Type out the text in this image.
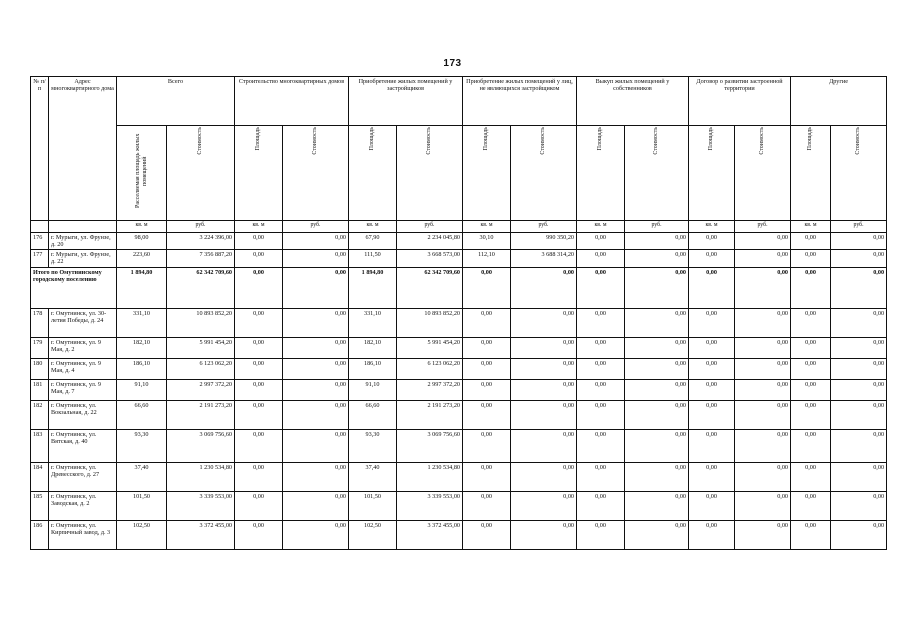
173
№ п/п	Адрес многоквартирного дома	Всего		Строительство многоквартирных домов		Приобретение жилых помещений у застройщиков		Приобретение жилых помещений у лиц, не являющихся застройщиком		Выкуп жилых помещений у собственников		Договор о развитии застроенной территории		Другие	
		Расселяемая площадь жилых помещений	Стоимость	Площадь	Стоимость	Площадь	Стоимость	Площадь	Стоимость	Площадь	Стоимость	Площадь	Стоимость	Площадь	Стоимость
		кв. м	руб.	кв. м	руб.	кв. м	руб.	кв. м	руб.	кв. м	руб.	кв. м	руб.	кв. м	руб.
176	г. Мурыги, ул. Фрунзе, д. 20	98,00	3 224 396,00	0,00	0,00	67,90	2 234 045,80	30,10	990 350,20	0,00	0,00	0,00	0,00	0,00	0,00
177	г. Мурыги, ул. Фрунзе, д. 22	223,60	7 356 887,20	0,00	0,00	111,50	3 668 573,00	112,10	3 688 314,20	0,00	0,00	0,00	0,00	0,00	0,00
Итого по Омутнинскому городскому поселению		1 894,80	62 342 709,60	0,00	0,00	1 894,80	62 342 709,60	0,00	0,00	0,00	0,00	0,00	0,00	0,00	0,00
178	г. Омутнинск, ул. 30-летия Победы, д. 24	331,10	10 893 852,20	0,00	0,00	331,10	10 893 852,20	0,00	0,00	0,00	0,00	0,00	0,00	0,00	0,00
179	г. Омутнинск, ул. 9 Мая, д. 2	182,10	5 991 454,20	0,00	0,00	182,10	5 991 454,20	0,00	0,00	0,00	0,00	0,00	0,00	0,00	0,00
180	г. Омутнинск, ул. 9 Мая, д. 4	186,10	6 123 062,20	0,00	0,00	186,10	6 123 062,20	0,00	0,00	0,00	0,00	0,00	0,00	0,00	0,00
181	г. Омутнинск, ул. 9 Мая, д. 7	91,10	2 997 372,20	0,00	0,00	91,10	2 997 372,20	0,00	0,00	0,00	0,00	0,00	0,00	0,00	0,00
182	г. Омутнинск, ул. Вокзальная, д. 22	66,60	2 191 273,20	0,00	0,00	66,60	2 191 273,20	0,00	0,00	0,00	0,00	0,00	0,00	0,00	0,00
183	г. Омутнинск, ул. Вятская, д. 40	93,30	3 069 756,60	0,00	0,00	93,30	3 069 756,60	0,00	0,00	0,00	0,00	0,00	0,00	0,00	0,00
184	г. Омутнинск, ул. Древесского, д. 27	37,40	1 230 534,80	0,00	0,00	37,40	1 230 534,80	0,00	0,00	0,00	0,00	0,00	0,00	0,00	0,00
185	г. Омутнинск, ул. Заводская, д. 2	101,50	3 339 553,00	0,00	0,00	101,50	3 339 553,00	0,00	0,00	0,00	0,00	0,00	0,00	0,00	0,00
186	г. Омутнинск, ул. Кирпичный завод, д. 3	102,50	3 372 455,00	0,00	0,00	102,50	3 372 455,00	0,00	0,00	0,00	0,00	0,00	0,00	0,00	0,00
